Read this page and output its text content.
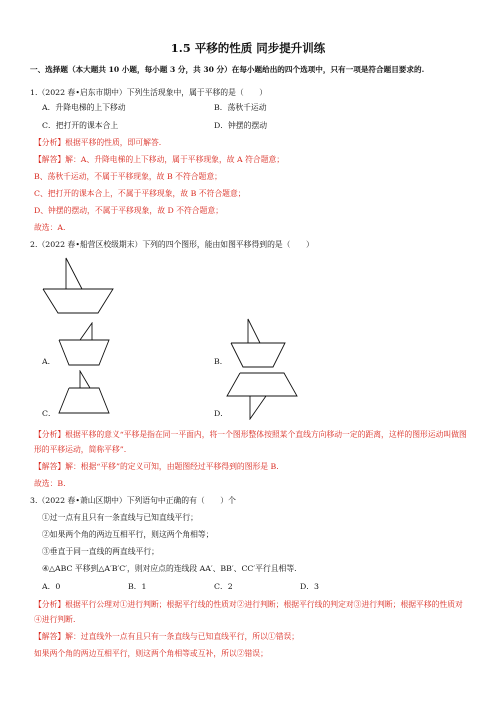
1.5 平移的性质 同步提升训练
一、选择题（本大题共 10 小题，每小题 3 分，共 30 分）在每小题给出的四个选项中，只有一项是符合题目要求的.
1.（2022 春•启东市期中）下列生活现象中，属于平移的是（　　）
A．升降电梯的上下移动	B．荡秋千运动
C．把打开的课本合上	D．钟摆的摆动
【分析】根据平移的性质，即可解答.
【解答】解：A、升降电梯的上下移动，属于平移现象，故 A 符合题意；
B、荡秋千运动，不属于平移现象，故 B 不符合题意；
C、把打开的课本合上，不属于平移现象，故 B 不符合题意；
D、钟摆的摆动，不属于平移现象，故 D 不符合题意；
故选：A.
2.（2022 春•船营区校级期末）下列的四个图形，能由如图平移得到的是（　　）
A．	B．
C．	D．
【分析】根据平移的意义“平移是指在同一平面内，将一个图形整体按照某个直线方向移动一定的距离，这样的图形运动叫做图形的平移运动，简称平移”.
【解答】解：根据“平移”的定义可知，由题图经过平移得到的图形是 B.
故选：B.
3.（2022 春•萧山区期中）下列语句中正确的有（　　）个
①过一点有且只有一条直线与已知直线平行；
②如果两个角的两边互相平行，则这两个角相等；
③垂直于同一直线的两直线平行；
④△ABC 平移到△A′B′C′，则对应点的连线段 AA′、BB′、CC′平行且相等.
A．0	B．1	C．2	D．3
【分析】根据平行公理对①进行判断；根据平行线的性质对②进行判断；根据平行线的判定对③进行判断；根据平移的性质对④进行判断.
【解答】解：过直线外一点有且只有一条直线与已知直线平行，所以①错误；
如果两个角的两边互相平行，则这两个角相等或互补，所以②错误；
